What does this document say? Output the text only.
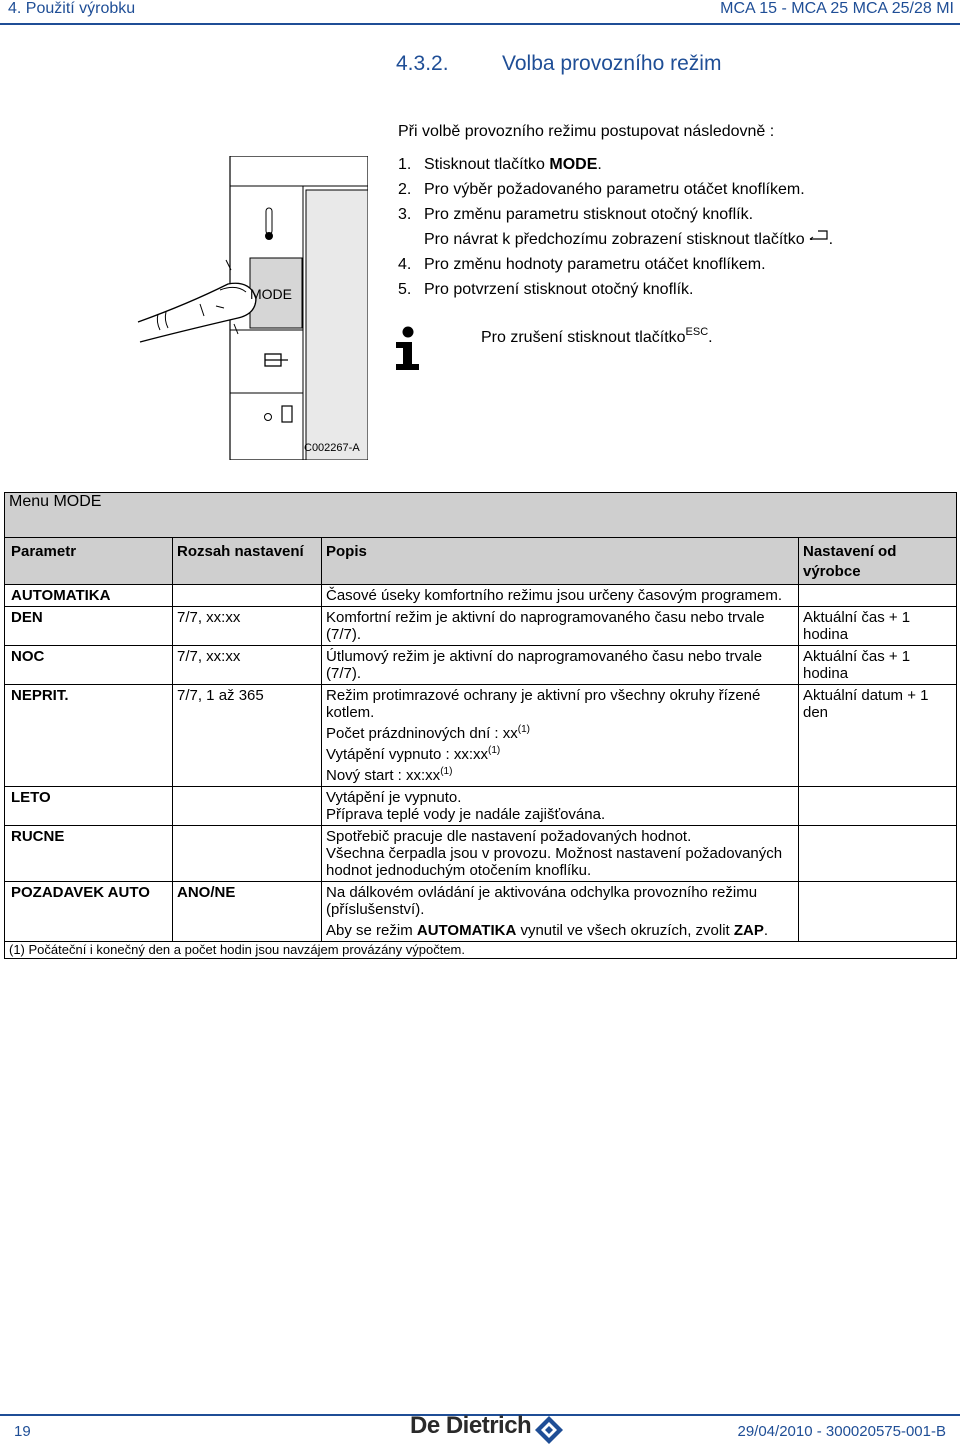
4. Použití výrobku	MCA 15 - MCA 25 MCA 25/28 MI
4.3.2.	Volba provozního režim
Při volbě provozního režimu postupovat následovně :
1. Stisknout tlačítko MODE.
2. Pro výběr požadovaného parametru otáčet knoflíkem.
3. Pro změnu parametru stisknout otočný knoflík.
Pro návrat k předchozímu zobrazení stisknout tlačítko .
4. Pro změnu hodnoty parametru otáčet knoflíkem.
5. Pro potvrzení stisknout otočný knoflík.
Pro zrušení stisknout tlačítko$^{ESC}$.
MODE
C002267-A
Menu MODE			
Parametr	Rozsah nastavení	Popis	Nastavení od výrobce
AUTOMATIKA		Časové úseky komfortního režimu jsou určeny časovým programem.	
DEN	7/7, xx:xx	Komfortní režim je aktivní do naprogramovaného času nebo trvale (7/7).	Aktuální čas + 1 hodina
NOC	7/7, xx:xx	Útlumový režim je aktivní do naprogramovaného času nebo trvale (7/7).	Aktuální čas + 1 hodina
NEPRIT.	7/7, 1 až 365	Režim protimrazové ochrany je aktivní pro všechny okruhy řízené kotlem.
Počet prázdninových dní : $xx^{(1)}$
Vytápění vypnuto : $xx:xx^{(1)}$
Nový start : $xx:xx^{(1)}$	Aktuální datum + 1 den
LETO		Vytápění je vypnuto.
Příprava teplé vody je nadále zajišťována.	

RUCNE		Spotřebič pracuje dle nastavení požadovaných hodnot.
Všechna čerpadla jsou v provozu. Možnost nastavení požadovaných hodnot jednoduchým otočením knoflíku.	

POZADAVEK AUTO	ANO/NE	Na dálkovém ovládání je aktivována odchylka provozního režimu (příslušenství).
Aby se režim AUTOMATIKA vynutil ve všech okruzích, zvolit ZAP.	

(1) Počáteční i konečný den a počet hodin jsou navzájem provázány výpočtem.			
19	De Dietrich	29/04/2010 - 300020575-001-B
